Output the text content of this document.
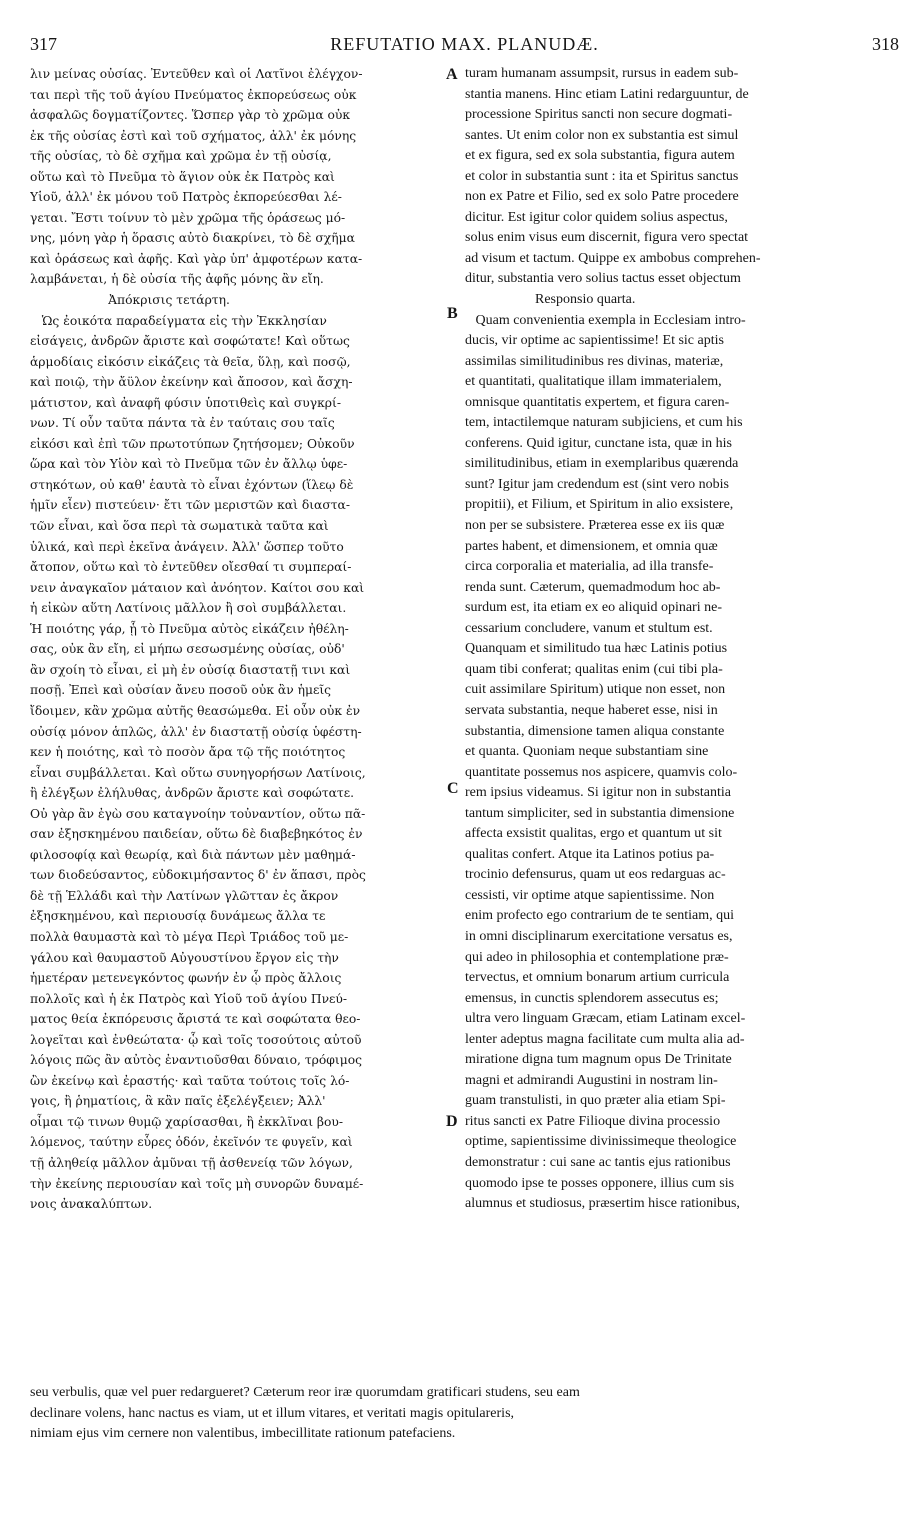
317	REFUTATIO MAX. PLANUDÆ.	318
λιν μείνας οὐσίας. Ἐντεῦθεν καὶ οἱ Λατῖνοι ἐλέγχον-
ται περὶ τῆς τοῦ ἁγίου Πνεύματος ἐκπορεύσεως οὐκ
ἀσφαλῶς δογματίζοντες. Ὥσπερ γὰρ τὸ χρῶμα οὐκ
ἐκ τῆς οὐσίας ἐστὶ καὶ τοῦ σχήματος, ἀλλ' ἐκ μόνης
τῆς οὐσίας, τὸ δὲ σχῆμα καὶ χρῶμα ἐν τῇ οὐσίᾳ,
οὕτω καὶ τὸ Πνεῦμα τὸ ἅγιον οὐκ ἐκ Πατρὸς καὶ
Υἱοῦ, ἀλλ' ἐκ μόνου τοῦ Πατρὸς ἐκπορεύεσθαι λέ-
γεται. Ἔστι τοίνυν τὸ μὲν χρῶμα τῆς ὁράσεως μό-
νης, μόνη γὰρ ἡ ὅρασις αὐτὸ διακρίνει, τὸ δὲ σχῆμα
καὶ ὁράσεως καὶ ἀφῆς. Καὶ γὰρ ὑπ' ἀμφοτέρων κατα-
λαμβάνεται, ἡ δὲ οὐσία τῆς ἀφῆς μόνης ἂν εἴη.
Ἀπόκρισις τετάρτη.
Ὡς ἐοικότα παραδείγματα εἰς τὴν Ἐκκλησίαν
εἰσάγεις, ἀνδρῶν ἄριστε καὶ σοφώτατε! Καὶ οὕτως
ἁρμοδίαις εἰκόσιν εἰκάζεις τὰ θεῖα, ὕλῃ, καὶ ποσῷ,
καὶ ποιῷ, τὴν ἄϋλον ἐκείνην καὶ ἄποσον, καὶ ἄσχη-
μάτιστον, καὶ ἀναφῆ φύσιν ὑποτιθεὶς καὶ συγκρί-
νων. Τί οὖν ταῦτα πάντα τὰ ἐν ταύταις σου ταῖς
εἰκόσι καὶ ἐπὶ τῶν πρωτοτύπων ζητήσομεν; Οὐκοῦν
ὥρα καὶ τὸν Υἱὸν καὶ τὸ Πνεῦμα τῶν ἐν ἄλλῳ ὑφε-
στηκότων, οὐ καθ' ἑαυτὰ τὸ εἶναι ἐχόντων (ἵλεῳ δὲ
ἡμῖν εἶεν) πιστεύειν· ἔτι τῶν μεριστῶν καὶ διαστα-
τῶν εἶναι, καὶ ὅσα περὶ τὰ σωματικὰ ταῦτα καὶ
ὑλικά, καὶ περὶ ἐκεῖνα ἀνάγειν. Ἀλλ' ὥσπερ τοῦτο
ἄτοπον, οὕτω καὶ τὸ ἐντεῦθεν οἴεσθαί τι συμπεραί-
νειν ἀναγκαῖον μάταιον καὶ ἀνόητον. Καίτοι σου καὶ
ἡ εἰκὼν αὕτη Λατίνοις μᾶλλον ἢ σοὶ συμβάλλεται.
Ἡ ποιότης γάρ, ᾗ τὸ Πνεῦμα αὐτὸς εἰκάζειν ἠθέλη-
σας, οὐκ ἂν εἴη, εἰ μήπω σεσωσμένης οὐσίας, οὐδ'
ἂν σχοίη τὸ εἶναι, εἰ μὴ ἐν οὐσίᾳ διαστατῇ τινι καὶ
ποσῇ. Ἐπεὶ καὶ οὐσίαν ἄνευ ποσοῦ οὐκ ἂν ἡμεῖς
ἴδοιμεν, κἂν χρῶμα αὐτῆς θεασώμεθα. Εἰ οὖν οὐκ ἐν
οὐσίᾳ μόνον ἁπλῶς, ἀλλ' ἐν διαστατῇ οὐσίᾳ ὑφέστη-
κεν ἡ ποιότης, καὶ τὸ ποσὸν ἄρα τῷ τῆς ποιότητος
εἶναι συμβάλλεται. Καὶ οὕτω συνηγορήσων Λατίνοις,
ἢ ἐλέγξων ἐλήλυθας, ἀνδρῶν ἄριστε καὶ σοφώτατε.
Οὐ γὰρ ἂν ἐγὼ σου καταγνοίην τοὐναντίον, οὕτω πᾶ-
σαν ἐξησκημένου παιδείαν, οὕτω δὲ διαβεβηκότος ἐν
φιλοσοφίᾳ καὶ θεωρίᾳ, καὶ διὰ πάντων μὲν μαθημά-
των διοδεύσαντος, εὐδοκιμήσαντος δ' ἐν ἅπασι, πρὸς
δὲ τῇ Ἑλλάδι καὶ τὴν Λατίνων γλῶτταν ἐς ἄκρον
ἐξησκημένου, καὶ περιουσίᾳ δυνάμεως ἄλλα τε
πολλὰ θαυμαστὰ καὶ τὸ μέγα Περὶ Τριάδος τοῦ με-
γάλου καὶ θαυμαστοῦ Αὐγουστίνου ἔργον εἰς τὴν
ἡμετέραν μετενεγκόντος φωνήν ἐν ᾧ πρὸς ἄλλοις
πολλοῖς καὶ ἡ ἐκ Πατρὸς καὶ Υἱοῦ τοῦ ἁγίου Πνεύ-
ματος θεία ἐκπόρευσις ἄριστά τε καὶ σοφώτατα θεο-
λογεῖται καὶ ἐνθεώτατα· ᾧ καὶ τοῖς τοσούτοις αὐτοῦ
λόγοις πῶς ἂν αὐτὸς ἐναντιοῦσθαι δύναιο, τρόφιμος
ὢν ἐκείνῳ καὶ ἐραστής· καὶ ταῦτα τούτοις τοῖς λό-
γοις, ἢ ῥηματίοις, ἃ κἂν παῖς ἐξελέγξειεν; Ἀλλ'
οἶμαι τῷ τινων θυμῷ χαρίσασθαι, ἢ ἐκκλῖναι βου-
λόμενος, ταύτην εὗρες ὁδόν, ἐκεῖνόν τε φυγεῖν, καὶ
τῇ ἀληθείᾳ μᾶλλον ἀμῦναι τῇ ἀσθενείᾳ τῶν λόγων,
τὴν ἐκείνης περιουσίαν καὶ τοῖς μὴ συνορῶν δυναμέ-
νοις ἀνακαλύπτων.
turam humanam assumpsit, rursus in eadem sub-
stantia manens. Hinc etiam Latini redarguuntur, de
processione Spiritus sancti non secure dogmati-
santes. Ut enim color non ex substantia est simul
et ex figura, sed ex sola substantia, figura autem
et color in substantia sunt : ita et Spiritus sanctus
non ex Patre et Filio, sed ex solo Patre procedere
dicitur. Est igitur color quidem solius aspectus,
solus enim visus eum discernit, figura vero spectat
ad visum et tactum. Quippe ex ambobus comprehen-
ditur, substantia vero solius tactus esset objectum
Responsio quarta.
Quam convenientia exempla in Ecclesiam intro-
ducis, vir optime ac sapientissime! Et sic aptis
assimilas similitudinibus res divinas, materiæ,
et quantitati, qualitatique illam immaterialem,
omnisque quantitatis expertem, et figura caren-
tem, intactilemque naturam subjiciens, et cum his
conferens. Quid igitur, cunctane ista, quæ in his
similitudinibus, etiam in exemplaribus quærenda
sunt? Igitur jam credendum est (sint vero nobis
propitii), et Filium, et Spiritum in alio exsistere,
non per se subsistere. Præterea esse ex iis quæ
partes habent, et dimensionem, et omnia quæ
circa corporalia et materialia, ad illa transfe-
renda sunt. Cæterum, quemadmodum hoc ab-
surdum est, ita etiam ex eo aliquid opinari ne-
cessarium concludere, vanum et stultum est.
Quanquam et similitudo tua hæc Latinis potius
quam tibi conferat; qualitas enim (cui tibi pla-
cuit assimilare Spiritum) utique non esset, non
servata substantia, neque haberet esse, nisi in
substantia, dimensione tamen aliqua constante
et quanta. Quoniam neque substantiam sine
quantitate possemus nos aspicere, quamvis colo-
rem ipsius videamus. Si igitur non in substantia
tantum simpliciter, sed in substantia dimensione
affecta exsistit qualitas, ergo et quantum ut sit
qualitas confert. Atque ita Latinos potius pa-
trocinio defensurus, quam ut eos redarguas ac-
cessisti, vir optime atque sapientissime. Non
enim profecto ego contrarium de te sentiam, qui
in omni disciplinarum exercitatione versatus es,
qui adeo in philosophia et contemplatione præ-
tervectus, et omnium bonarum artium curricula
emensus, in cunctis splendorem assecutus es;
ultra vero linguam Græcam, etiam Latinam excel-
lenter adeptus magna facilitate cum multa alia ad-
miratione digna tum magnum opus De Trinitate
magni et admirandi Augustini in nostram lin-
guam transtulisti, in quo præter alia etiam Spi-
ritus sancti ex Patre Filioque divina processio
optime, sapientissime divinissimeque theologice
demonstratur : cui sane ac tantis ejus rationibus
quomodo ipse te posses opponere, illius cum sis
alumnus et studiosus, præsertim hisce rationibus,
A
B
C
D
seu verbulis, quæ vel puer redargueret? Cæterum reor iræ quorumdam gratificari studens, seu eam
declinare volens, hanc nactus es viam, ut et illum vitares, et veritati magis opitulareris,
nimiam ejus vim cernere non valentibus, imbecillitate rationum patefaciens.
